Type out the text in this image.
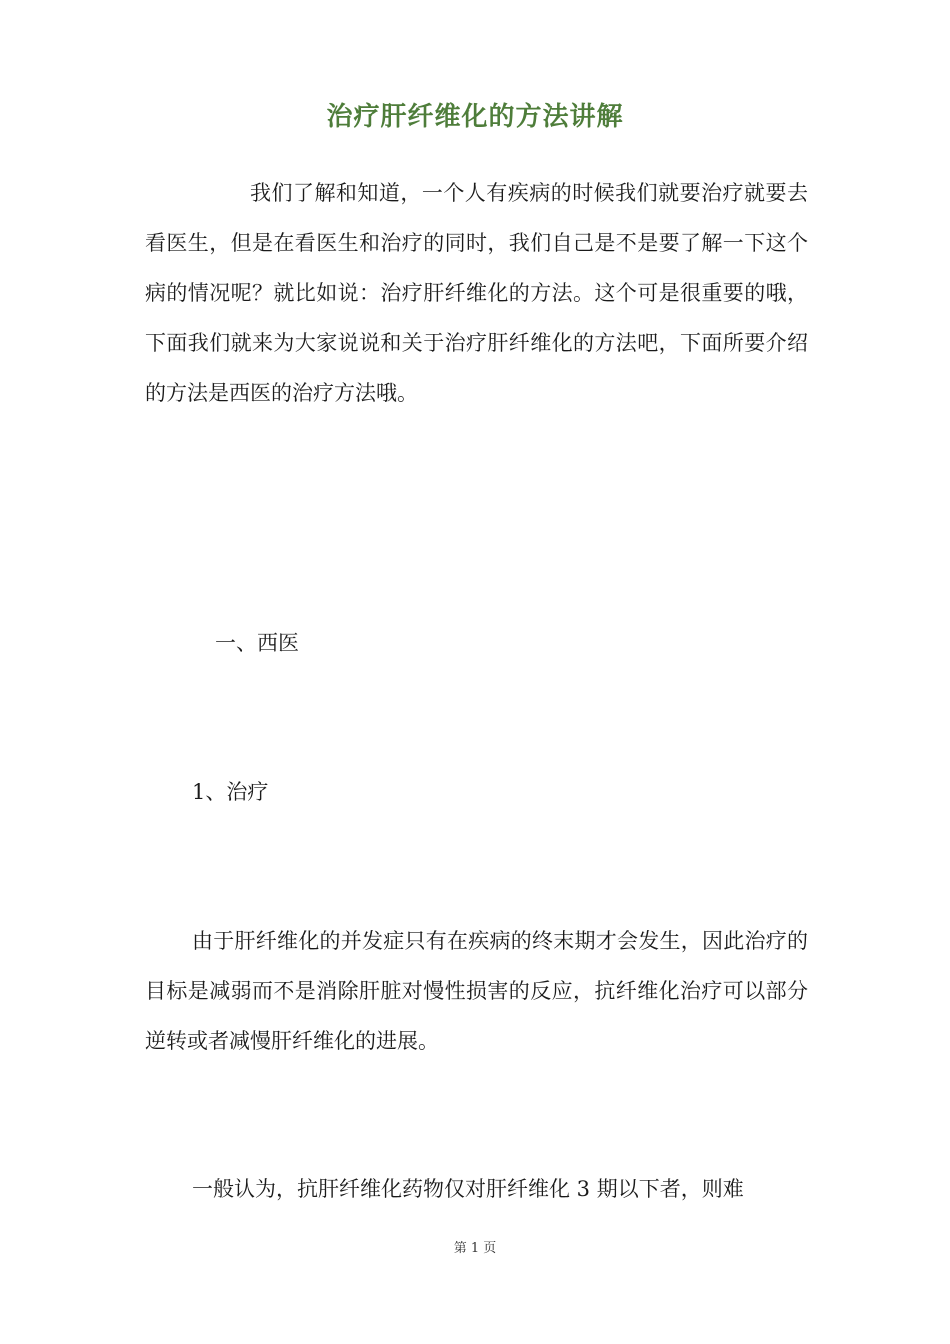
治疗肝纤维化的方法讲解

我们了解和知道，一个人有疾病的时候我们就要治疗就要去看医生，但是在看医生和治疗的同时，我们自己是不是要了解一下这个病的情况呢？就比如说：治疗肝纤维化的方法。这个可是很重要的哦，下面我们就来为大家说说和关于治疗肝纤维化的方法吧，下面所要介绍的方法是西医的治疗方法哦。

一、西医

1、治疗

由于肝纤维化的并发症只有在疾病的终末期才会发生，因此治疗的目标是减弱而不是消除肝脏对慢性损害的反应，抗纤维化治疗可以部分逆转或者减慢肝纤维化的进展。

一般认为，抗肝纤维化药物仅对肝纤维化 3 期以下者，则难

第 1 页
